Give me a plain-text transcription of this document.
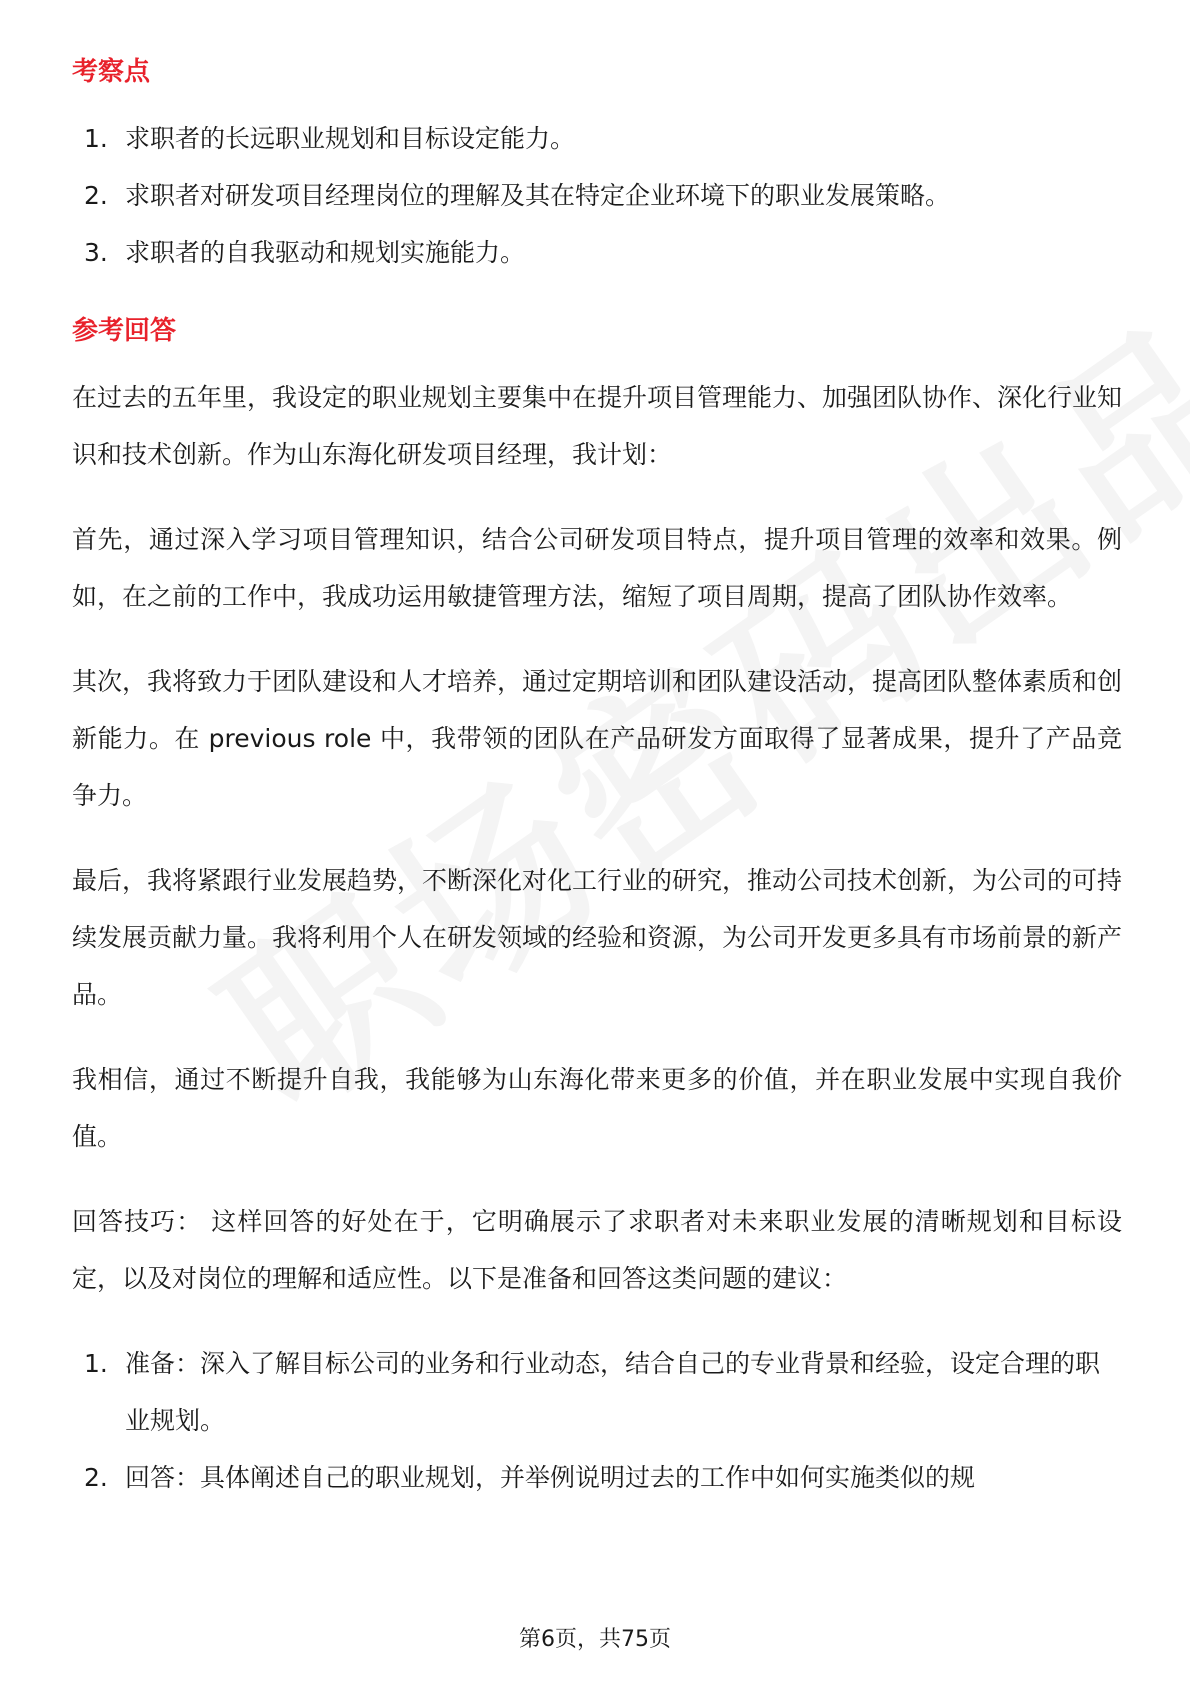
考察点
1. 求职者的长远职业规划和目标设定能力。
2. 求职者对研发项目经理岗位的理解及其在特定企业环境下的职业发展策略。
3. 求职者的自我驱动和规划实施能力。
参考回答

在过去的五年里，我设定的职业规划主要集中在提升项目管理能力、加强团队协作、深化行业知识和技术创新。作为山东海化研发项目经理，我计划：

首先，通过深入学习项目管理知识，结合公司研发项目特点，提升项目管理的效率和效果。例如，在之前的工作中，我成功运用敏捷管理方法，缩短了项目周期，提高了团队协作效率。

其次，我将致力于团队建设和人才培养，通过定期培训和团队建设活动，提高团队整体素质和创新能力。在 previous role 中，我带领的团队在产品研发方面取得了显著成果，提升了产品竞争力。

最后，我将紧跟行业发展趋势，不断深化对化工行业的研究，推动公司技术创新，为公司的可持续发展贡献力量。我将利用个人在研发领域的经验和资源，为公司开发更多具有市场前景的新产品。

我相信，通过不断提升自我，我能够为山东海化带来更多的价值，并在职业发展中实现自我价值。

回答技巧： 这样回答的好处在于，它明确展示了求职者对未来职业发展的清晰规划和目标设定，以及对岗位的理解和适应性。以下是准备和回答这类问题的建议：

1. 准备：深入了解目标公司的业务和行业动态，结合自己的专业背景和经验，设定合理的职业规划。
2. 回答：具体阐述自己的职业规划，并举例说明过去的工作中如何实施类似的规
第6页，共75页
